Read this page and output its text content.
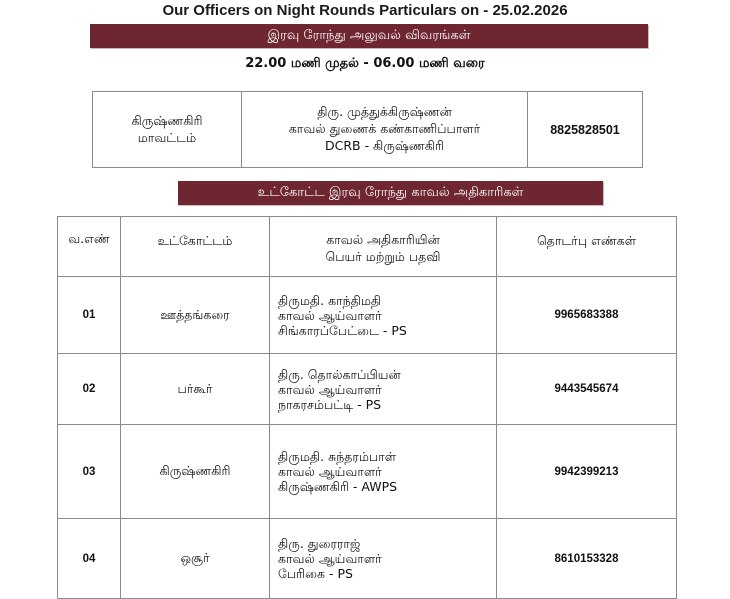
Our Officers on Night Rounds Particulars on - 25.02.2026
இரவு ரோந்து அலுவல் விவரங்கள்
22.00 மணி முதல் - 06.00 மணி வரை
கிருஷ்ணகிரி
மாவட்டம்

திரு. முத்துக்கிருஷ்ணன்
காவல் துணைக் கண்காணிப்பாளர்
DCRB - கிருஷ்ணகிரி
	8825828501
உட்கோட்ட இரவு ரோந்து காவல் அதிகாரிகள்
வ.எண்	உட்கோட்டம்	காவல் அதிகாரியின்
பெயர் மற்றும் பதவி	தொடர்பு எண்கள்
01	ஊத்தங்கரை	திருமதி. காந்திமதி
காவல் ஆய்வாளர்
சிங்காரப்பேட்டை - PS	9965683388
02	பர்கூர்	திரு. தொல்காப்பியன்
காவல் ஆய்வாளர்
நாகரசம்பட்டி - PS	9443545674
03	கிருஷ்ணகிரி	திருமதி. சுந்தரம்பாள்
காவல் ஆய்வாளர்
கிருஷ்ணகிரி - AWPS	9942399213
04	ஒசூர்	திரு. துரைராஜ்
காவல் ஆய்வாளர்
பேரிகை - PS	8610153328
